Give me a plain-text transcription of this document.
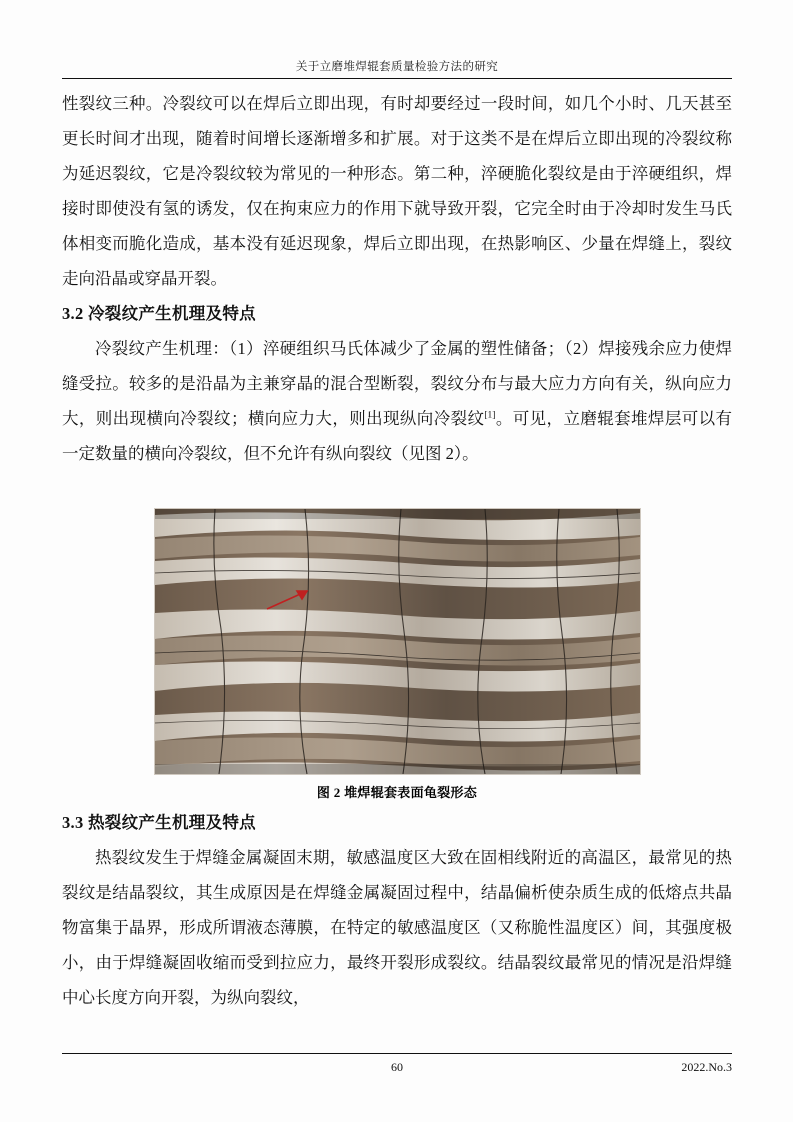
关于立磨堆焊辊套质量检验方法的研究

性裂纹三种。冷裂纹可以在焊后立即出现，有时却要经过一段时间，如几个小时、几天甚至更长时间才出现，随着时间增长逐渐增多和扩展。对于这类不是在焊后立即出现的冷裂纹称为延迟裂纹，它是冷裂纹较为常见的一种形态。第二种，淬硬脆化裂纹是由于淬硬组织，焊接时即使没有氢的诱发，仅在拘束应力的作用下就导致开裂，它完全时由于冷却时发生马氏体相变而脆化造成，基本没有延迟现象，焊后立即出现，在热影响区、少量在焊缝上，裂纹走向沿晶或穿晶开裂。

3.2 冷裂纹产生机理及特点

冷裂纹产生机理：（1）淬硬组织马氏体减少了金属的塑性储备；（2）焊接残余应力使焊缝受拉。较多的是沿晶为主兼穿晶的混合型断裂，裂纹分布与最大应力方向有关，纵向应力大，则出现横向冷裂纹；横向应力大，则出现纵向冷裂纹[1]。可见，立磨辊套堆焊层可以有一定数量的横向冷裂纹，但不允许有纵向裂纹（见图 2）。

图 2 堆焊辊套表面龟裂形态

3.3 热裂纹产生机理及特点

热裂纹发生于焊缝金属凝固末期，敏感温度区大致在固相线附近的高温区，最常见的热裂纹是结晶裂纹，其生成原因是在焊缝金属凝固过程中，结晶偏析使杂质生成的低熔点共晶物富集于晶界，形成所谓液态薄膜，在特定的敏感温度区（又称脆性温度区）间，其强度极小，由于焊缝凝固收缩而受到拉应力，最终开裂形成裂纹。结晶裂纹最常见的情况是沿焊缝中心长度方向开裂，为纵向裂纹，

60	2022.No.3
